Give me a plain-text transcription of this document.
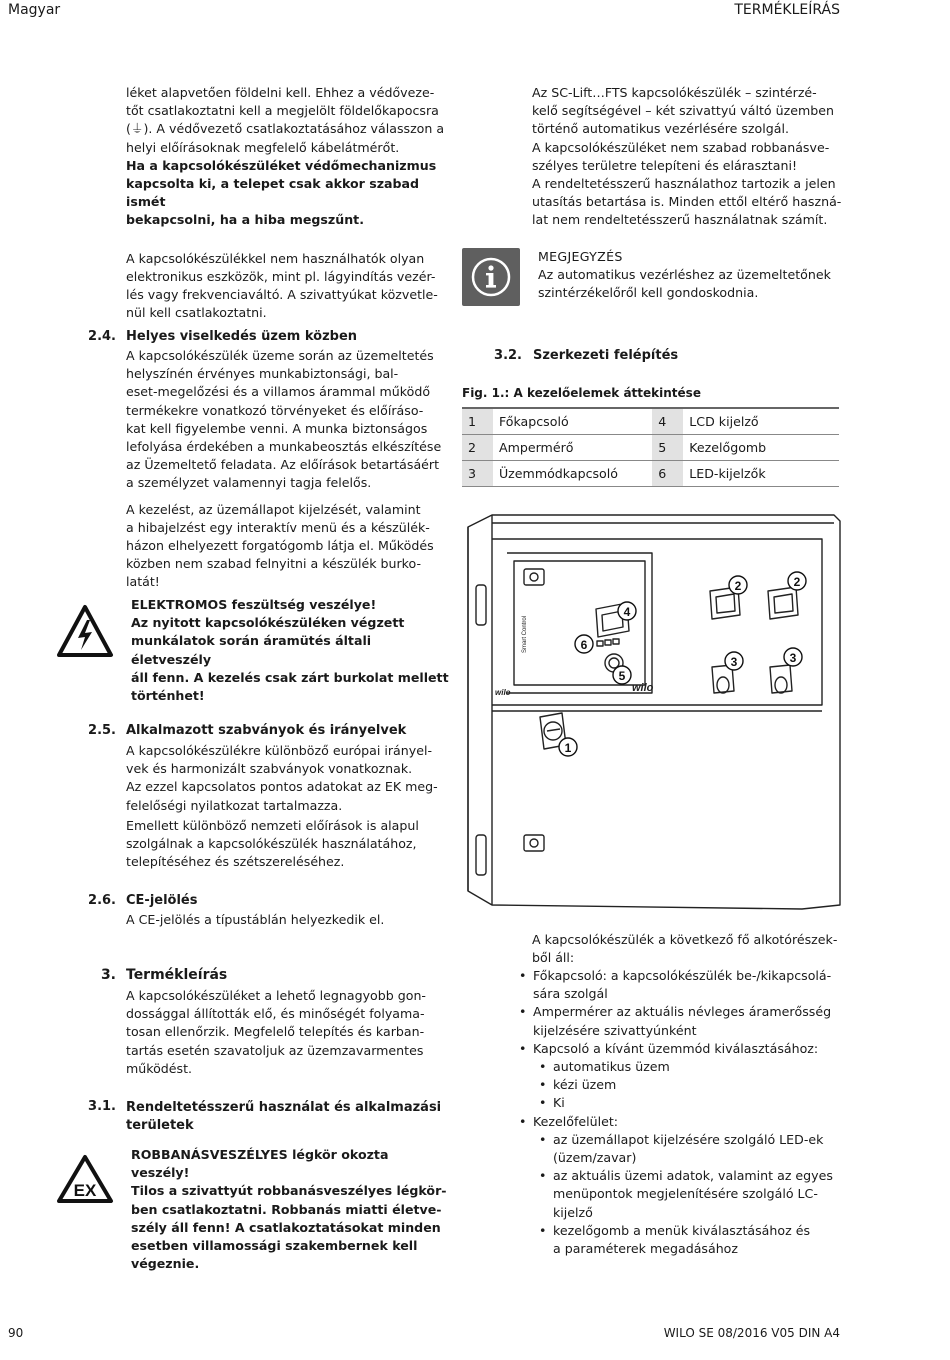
Magyar	TERMÉKLEÍRÁS

léket alapvetően földelni kell. Ehhez a védőveze-
tőt csatlakoztatni kell a megjelölt földelőkapocsra
(⏚). A védővezető csatlakoztatásához válasszon a
helyi előírásoknak megfelelő kábelátmérőt.

Ha a kapcsolókészüléket védőmechanizmus
kapcsolta ki, a telepet csak akkor szabad ismét
bekapcsolni, ha a hiba megszűnt.

A kapcsolókészülékkel nem használhatók olyan
elektronikus eszközök, mint pl. lágyindítás vezér-
lés vagy frekvenciaváltó. A szivattyúkat közvetle-
nül kell csatlakoztatni.

2.4. Helyes viselkedés üzem közben

A kapcsolókészülék üzeme során az üzemeltetés
helyszínén érvényes munkabiztonsági, bal-
eset-megelőzési és a villamos árammal működő
termékekre vonatkozó törvényeket és előíráso-
kat kell figyelembe venni. A munka biztonságos
lefolyása érdekében a munkabeosztás elkészítése
az Üzemeltető feladata. Az előírások betartásáért
a személyzet valamennyi tagja felelős.

A kezelést, az üzemállapot kijelzését, valamint
a hibajelzést egy interaktív menü és a készülék-
házon elhelyezett forgatógomb látja el. Működés
közben nem szabad felnyitni a készülék burko-
latát!

ELEKTROMOS feszültség veszélye!
Az nyitott kapcsolókészüléken végzett
munkálatok során áramütés általi életveszély
áll fenn. A kezelés csak zárt burkolat mellett
történhet!
2.5. Alkalmazott szabványok és irányelvek

A kapcsolókészülékre különböző európai irányel-
vek és harmonizált szabványok vonatkoznak.
Az ezzel kapcsolatos pontos adatokat az EK meg-
felelőségi nyilatkozat tartalmazza.

Emellett különböző nemzeti előírások is alapul
szolgálnak a kapcsolókészülék használatához,
telepítéséhez és szétszereléséhez.

2.6. CE-jelölés
A CE-jelölés a típustáblán helyezkedik el.
3. Termékleírás
A kapcsolókészüléket a lehető legnagyobb gon-
dossággal állították elő, és minőségét folyama-
tosan ellenőrzik. Megfelelő telepítés és karban-
tartás esetén szavatoljuk az üzemzavarmentes
működést.
3.1. Rendeltetésszerű használat és alkalmazási
területek
EX
ROBBANÁSVESZÉLYES légkör okozta veszély!
Tilos a szivattyút robbanásveszélyes légkör-
ben csatlakoztatni. Robbanás miatti életve-
szély áll fenn! A csatlakoztatásokat minden
esetben villamossági szakembernek kell
végeznie.
Az SC-Lift…FTS kapcsolókészülék – szintérzé-
kelő segítségével – két szivattyú váltó üzemben
történő automatikus vezérlésére szolgál.
A kapcsolókészüléket nem szabad robbanásve-
szélyes területre telepíteni és elárasztani!
A rendeltetésszerű használathoz tartozik a jelen
utasítás betartása is. Minden ettől eltérő haszná-
lat nem rendeltetésszerű használatnak számít.
MEGJEGYZÉS
Az automatikus vezérléshez az üzemeltetőnek
szintérzékelőről kell gondoskodnia.
3.2. Szerkezeti felépítés
Fig. 1.: A kezelőelemek áttekintése
1	Főkapcsoló	4	LCD kijelző
2	Ampermérő	5	Kezelőgomb
3	Üzemmódkapcsoló	6	LED-kijelzők
Smart Control
wilo	wilo
1
2	2
3	3
4
5
6
A kapcsolókészülék a következő fő alkotórészek-
ből áll:
• Főkapcsoló: a kapcsolókészülék be-/kikapcsolá-
sára szolgál
• Ampermérer az aktuális névleges áramerősség
kijelzésére szivattyúnként
• Kapcsoló a kívánt üzemmód kiválasztásához:
• automatikus üzem
• kézi üzem
• Ki
• Kezelőfelület:
• az üzemállapot kijelzésére szolgáló LED-ek
(üzem/zavar)
• az aktuális üzemi adatok, valamint az egyes
menüpontok megjelenítésére szolgáló LC-
kijelző
• kezelőgomb a menük kiválasztásához és
a paraméterek megadásához
90	WILO SE 08/2016 V05 DIN A4
